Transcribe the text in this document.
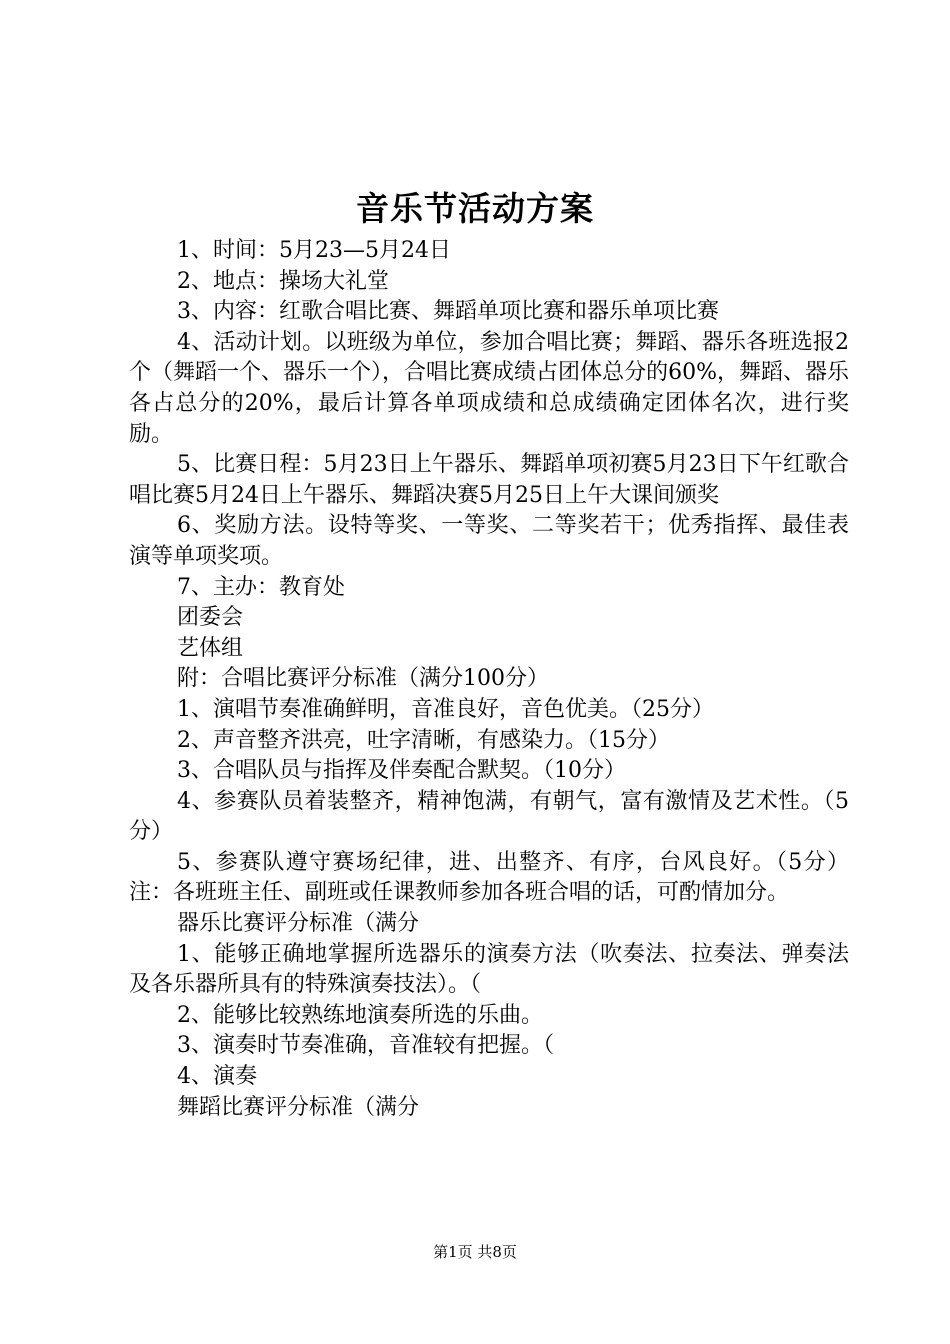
音乐节活动方案

1、时间：5月23—5月24日

2、地点：操场大礼堂

3、内容：红歌合唱比赛、舞蹈单项比赛和器乐单项比赛

4、活动计划。以班级为单位，参加合唱比赛；舞蹈、器乐各班选报2个（舞蹈一个、器乐一个），合唱比赛成绩占团体总分的60%，舞蹈、器乐各占总分的20%，最后计算各单项成绩和总成绩确定团体名次，进行奖励。

5、比赛日程：5月23日上午器乐、舞蹈单项初赛5月23日下午红歌合唱比赛5月24日上午器乐、舞蹈决赛5月25日上午大课间颁奖

6、奖励方法。设特等奖、一等奖、二等奖若干；优秀指挥、最佳表演等单项奖项。

7、主办：教育处

团委会

艺体组

附：合唱比赛评分标准（满分100分）

1、演唱节奏准确鲜明，音准良好，音色优美。（25分）

2、声音整齐洪亮，吐字清晰，有感染力。（15分）

3、合唱队员与指挥及伴奏配合默契。（10分）

4、参赛队员着装整齐，精神饱满，有朝气，富有激情及艺术性。（5分）

5、参赛队遵守赛场纪律，进、出整齐、有序，台风良好。（5分）注：各班班主任、副班或任课教师参加各班合唱的话，可酌情加分。

器乐比赛评分标准（满分

1、能够正确地掌握所选器乐的演奏方法（吹奏法、拉奏法、弹奏法及各乐器所具有的特殊演奏技法）。（

2、能够比较熟练地演奏所选的乐曲。

3、演奏时节奏准确，音准较有把握。（

4、演奏

舞蹈比赛评分标准（满分

第1页 共8页
